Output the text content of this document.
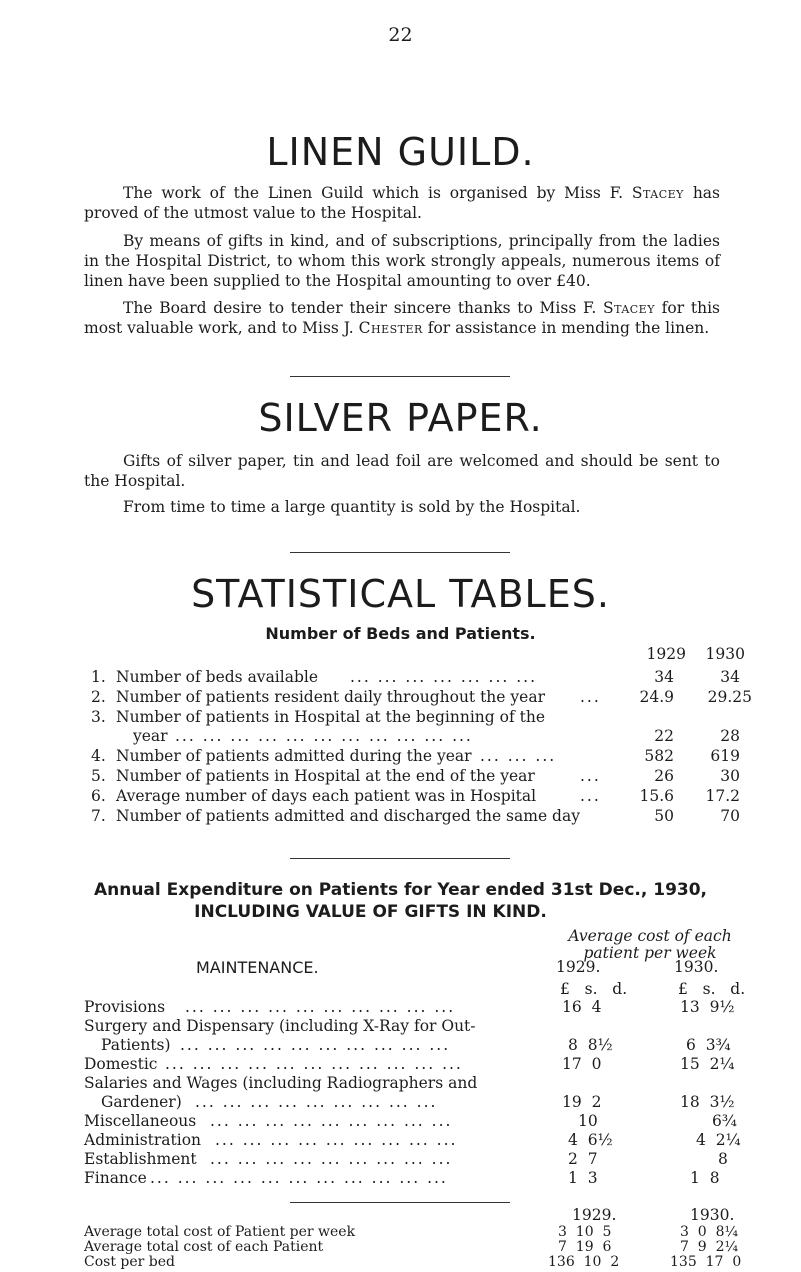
22
LINEN GUILD.
The work of the Linen Guild which is organised by Miss F. Stacey has proved of the utmost value to the Hospital.
By means of gifts in kind, and of subscriptions, principally from the ladies in the Hospital District, to whom this work strongly appeals, numerous items of linen have been supplied to the Hospital amounting to over £40.
The Board desire to tender their sincere thanks to Miss F. Stacey for this most valuable work, and to Miss J. Chester for assistance in mending the linen.
SILVER PAPER.
Gifts of silver paper, tin and lead foil are welcomed and should be sent to the Hospital.
From time to time a large quantity is sold by the Hospital.
STATISTICAL TABLES.
Number of Beds and Patients.
1929	1930
1. Number of beds available ... ... ... ... ... ... ...	34	34
2. Number of patients resident daily throughout the year ...	24.9	29.25
3. Number of patients in Hospital at the beginning of the
year ... ... ... ... ... ... ... ... ... ... ...	22	28
4. Number of patients admitted during the year ... ... ...	582	619
5. Number of patients in Hospital at the end of the year	...	26	30
6. Average number of days each patient was in Hospital	...	15.6	17.2
7. Number of patients admitted and discharged the same day	50	70
Annual Expenditure on Patients for Year ended 31st Dec., 1930,
INCLUDING VALUE OF GIFTS IN KIND.
Average cost of each
patient per week
MAINTENANCE.	1929.	1930.
£   s.   d.	£   s.   d.
Provisions ... ... ... ... ... ... ... ... ... ...	16  4	13  9½
Surgery and Dispensary (including X-Ray for Out-
Patients) ... ... ... ... ... ... ... ... ... ...	8  8½	6  3¾
Domestic ... ... ... ... ... ... ... ... ... ... ...	17  0	15  2¼
Salaries and Wages (including Radiographers and
Gardener) ... ... ... ... ... ... ... ... ...	19  2	18  3½
Miscellaneous ... ... ... ... ... ... ... ... ...	10	6¾
Administration ... ... ... ... ... ... ... ... ...	4  6½	4  2¼
Establishment ... ... ... ... ... ... ... ... ...	2  7	8
Finance ... ... ... ... ... ... ... ... ... ... ...	1  3	1  8
1929.	1930.
Average total cost of Patient per week	3  10  5	3  0  8¼
Average total cost of each Patient	7  19  6	7  9  2¼
Cost per bed	136  10  2	135  17  0
